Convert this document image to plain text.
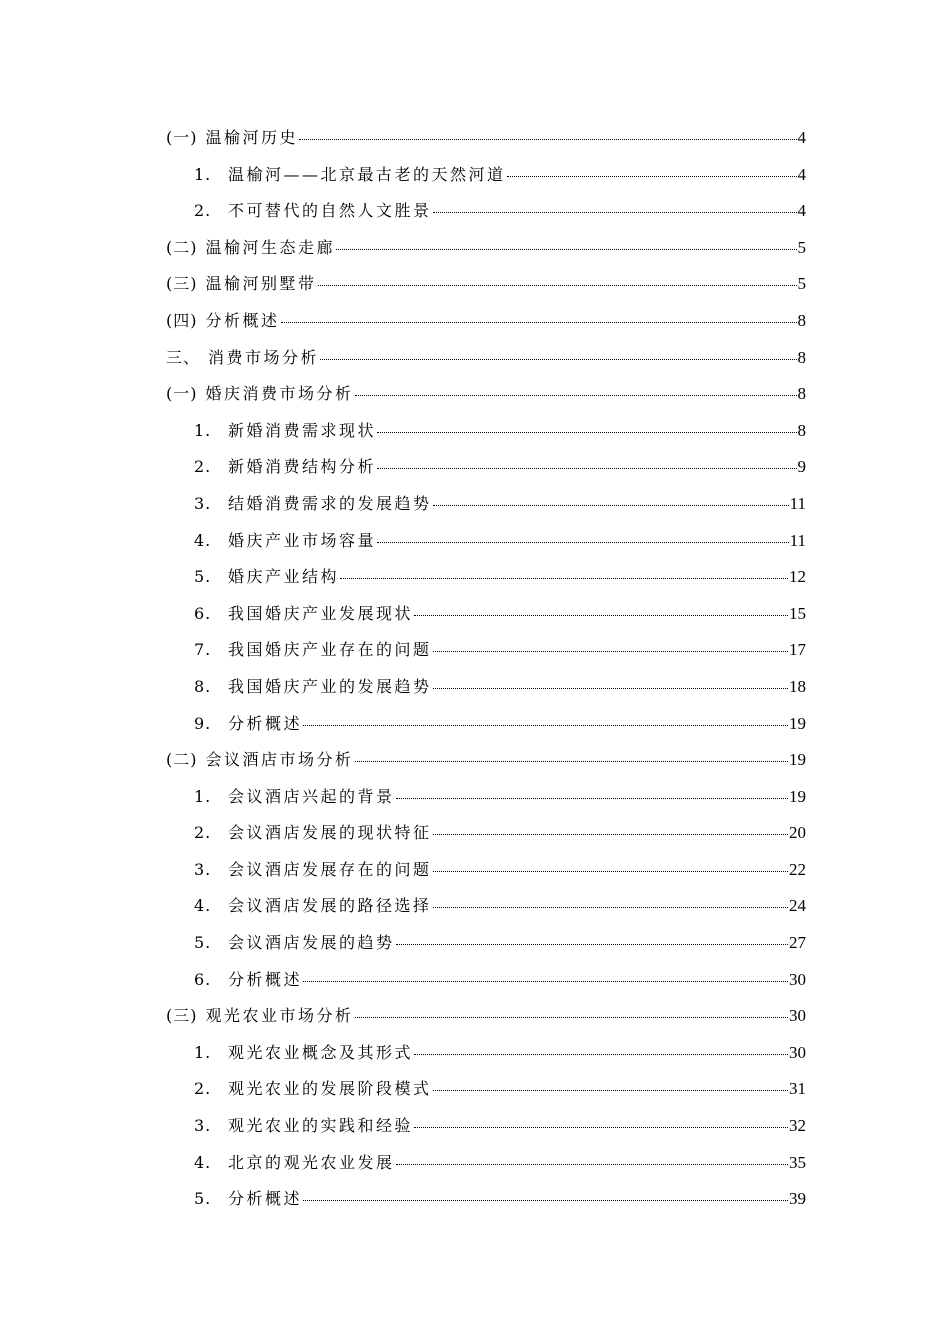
(一) 温榆河历史	4
1.	温榆河——北京最古老的天然河道	4
2.	不可替代的自然人文胜景	4
(二) 温榆河生态走廊	5
(三) 温榆河别墅带	5
(四) 分析概述	8
三、 消费市场分析	8
(一) 婚庆消费市场分析	8
1.	新婚消费需求现状	8
2.	新婚消费结构分析	9
3.	结婚消费需求的发展趋势	11
4.	婚庆产业市场容量	11
5.	婚庆产业结构	12
6.	我国婚庆产业发展现状	15
7.	我国婚庆产业存在的问题	17
8.	我国婚庆产业的发展趋势	18
9.	分析概述	19
(二) 会议酒店市场分析	19
1.	会议酒店兴起的背景	19
2.	会议酒店发展的现状特征	20
3.	会议酒店发展存在的问题	22
4.	会议酒店发展的路径选择	24
5.	会议酒店发展的趋势	27
6.	分析概述	30
(三) 观光农业市场分析	30
1.	观光农业概念及其形式	30
2.	观光农业的发展阶段模式	31
3.	观光农业的实践和经验	32
4.	北京的观光农业发展	35
5.	分析概述	39
